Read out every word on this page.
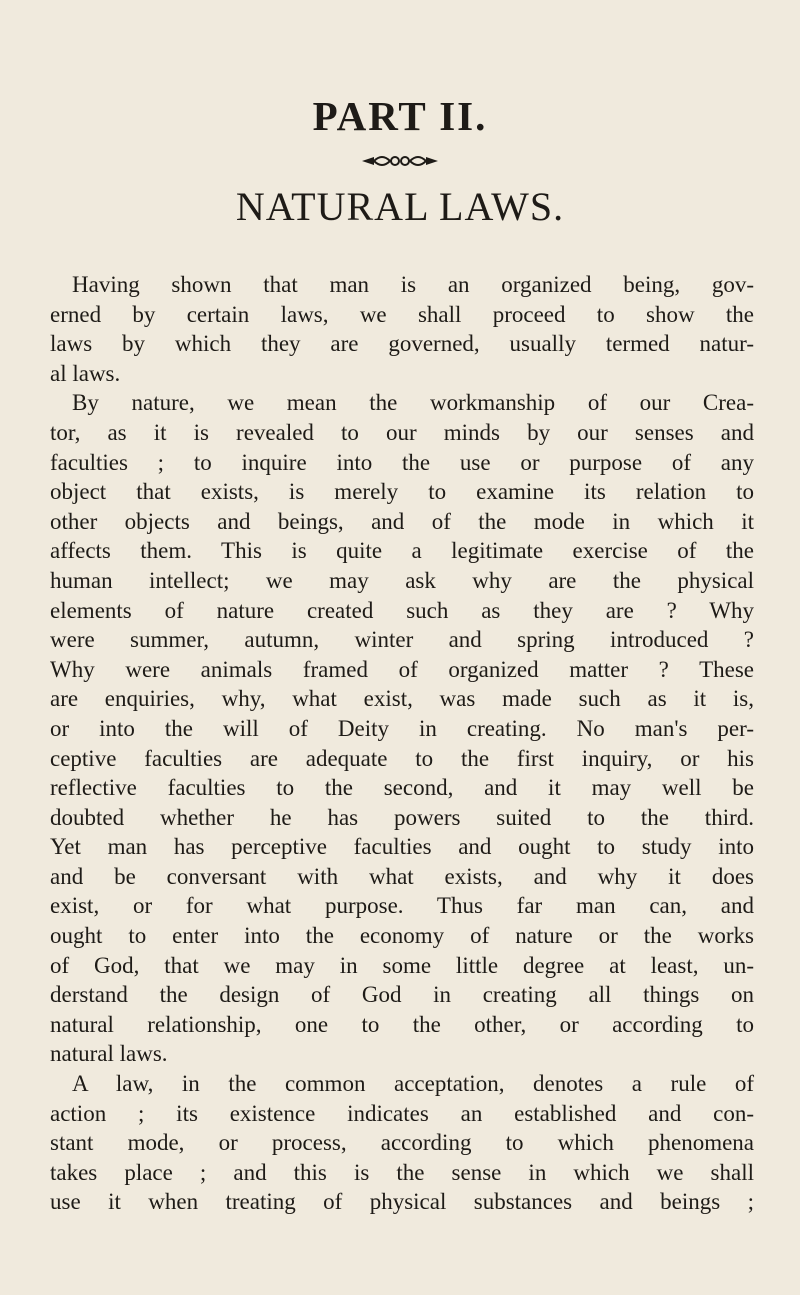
PART II.
NATURAL LAWS.

Having shown that man is an organized being, gov-
erned by certain laws, we shall proceed to show the
laws by which they are governed, usually termed natur-
al laws.

By nature, we mean the workmanship of our Crea-
tor, as it is revealed to our minds by our senses and
faculties ; to inquire into the use or purpose of any
object that exists, is merely to examine its relation to
other objects and beings, and of the mode in which it
affects them. This is quite a legitimate exercise of the
human intellect; we may ask why are the physical
elements of nature created such as they are ? Why
were summer, autumn, winter and spring introduced ?
Why were animals framed of organized matter ? These
are enquiries, why, what exist, was made such as it is,
or into the will of Deity in creating. No man's per-
ceptive faculties are adequate to the first inquiry, or his
reflective faculties to the second, and it may well be
doubted whether he has powers suited to the third.
Yet man has perceptive faculties and ought to study into
and be conversant with what exists, and why it does
exist, or for what purpose. Thus far man can, and
ought to enter into the economy of nature or the works
of God, that we may in some little degree at least, un-
derstand the design of God in creating all things on
natural relationship, one to the other, or according to
natural laws.

A law, in the common acceptation, denotes a rule of
action ; its existence indicates an established and con-
stant mode, or process, according to which phenomena
takes place ; and this is the sense in which we shall
use it when treating of physical substances and beings ;
